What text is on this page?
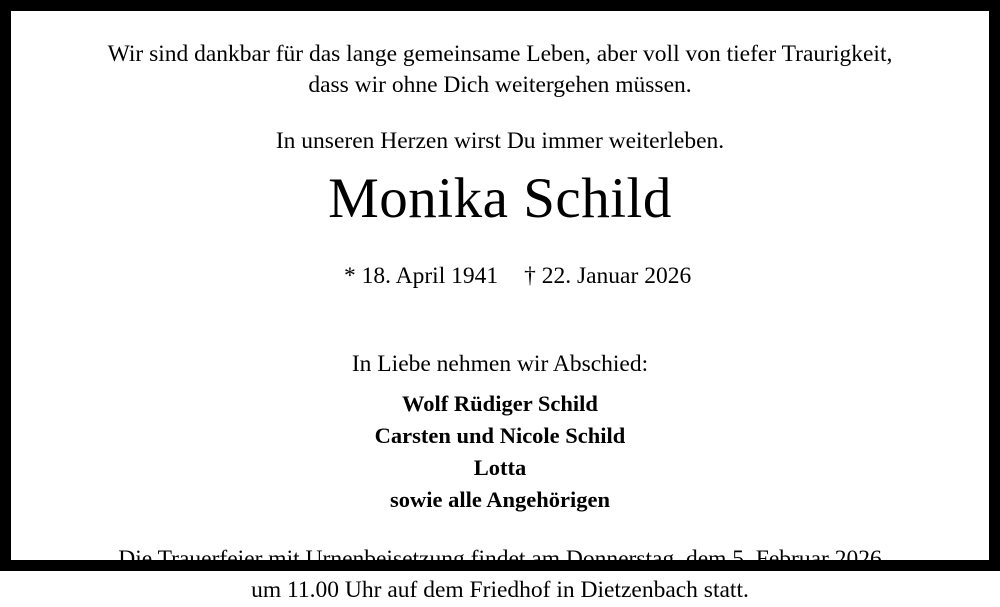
Wir sind dankbar für das lange gemeinsame Leben, aber voll von tiefer Traurigkeit,
dass wir ohne Dich weitergehen müssen.

In unseren Herzen wirst Du immer weiterleben.

Monika Schild

* 18. April 1941 † 22. Januar 2026

In Liebe nehmen wir Abschied:

Wolf Rüdiger Schild
Carsten und Nicole Schild
Lotta
sowie alle Angehörigen

Die Trauerfeier mit Urnenbeisetzung findet am Donnerstag, dem 5. Februar 2026
um 11.00 Uhr auf dem Friedhof in Dietzenbach statt.
